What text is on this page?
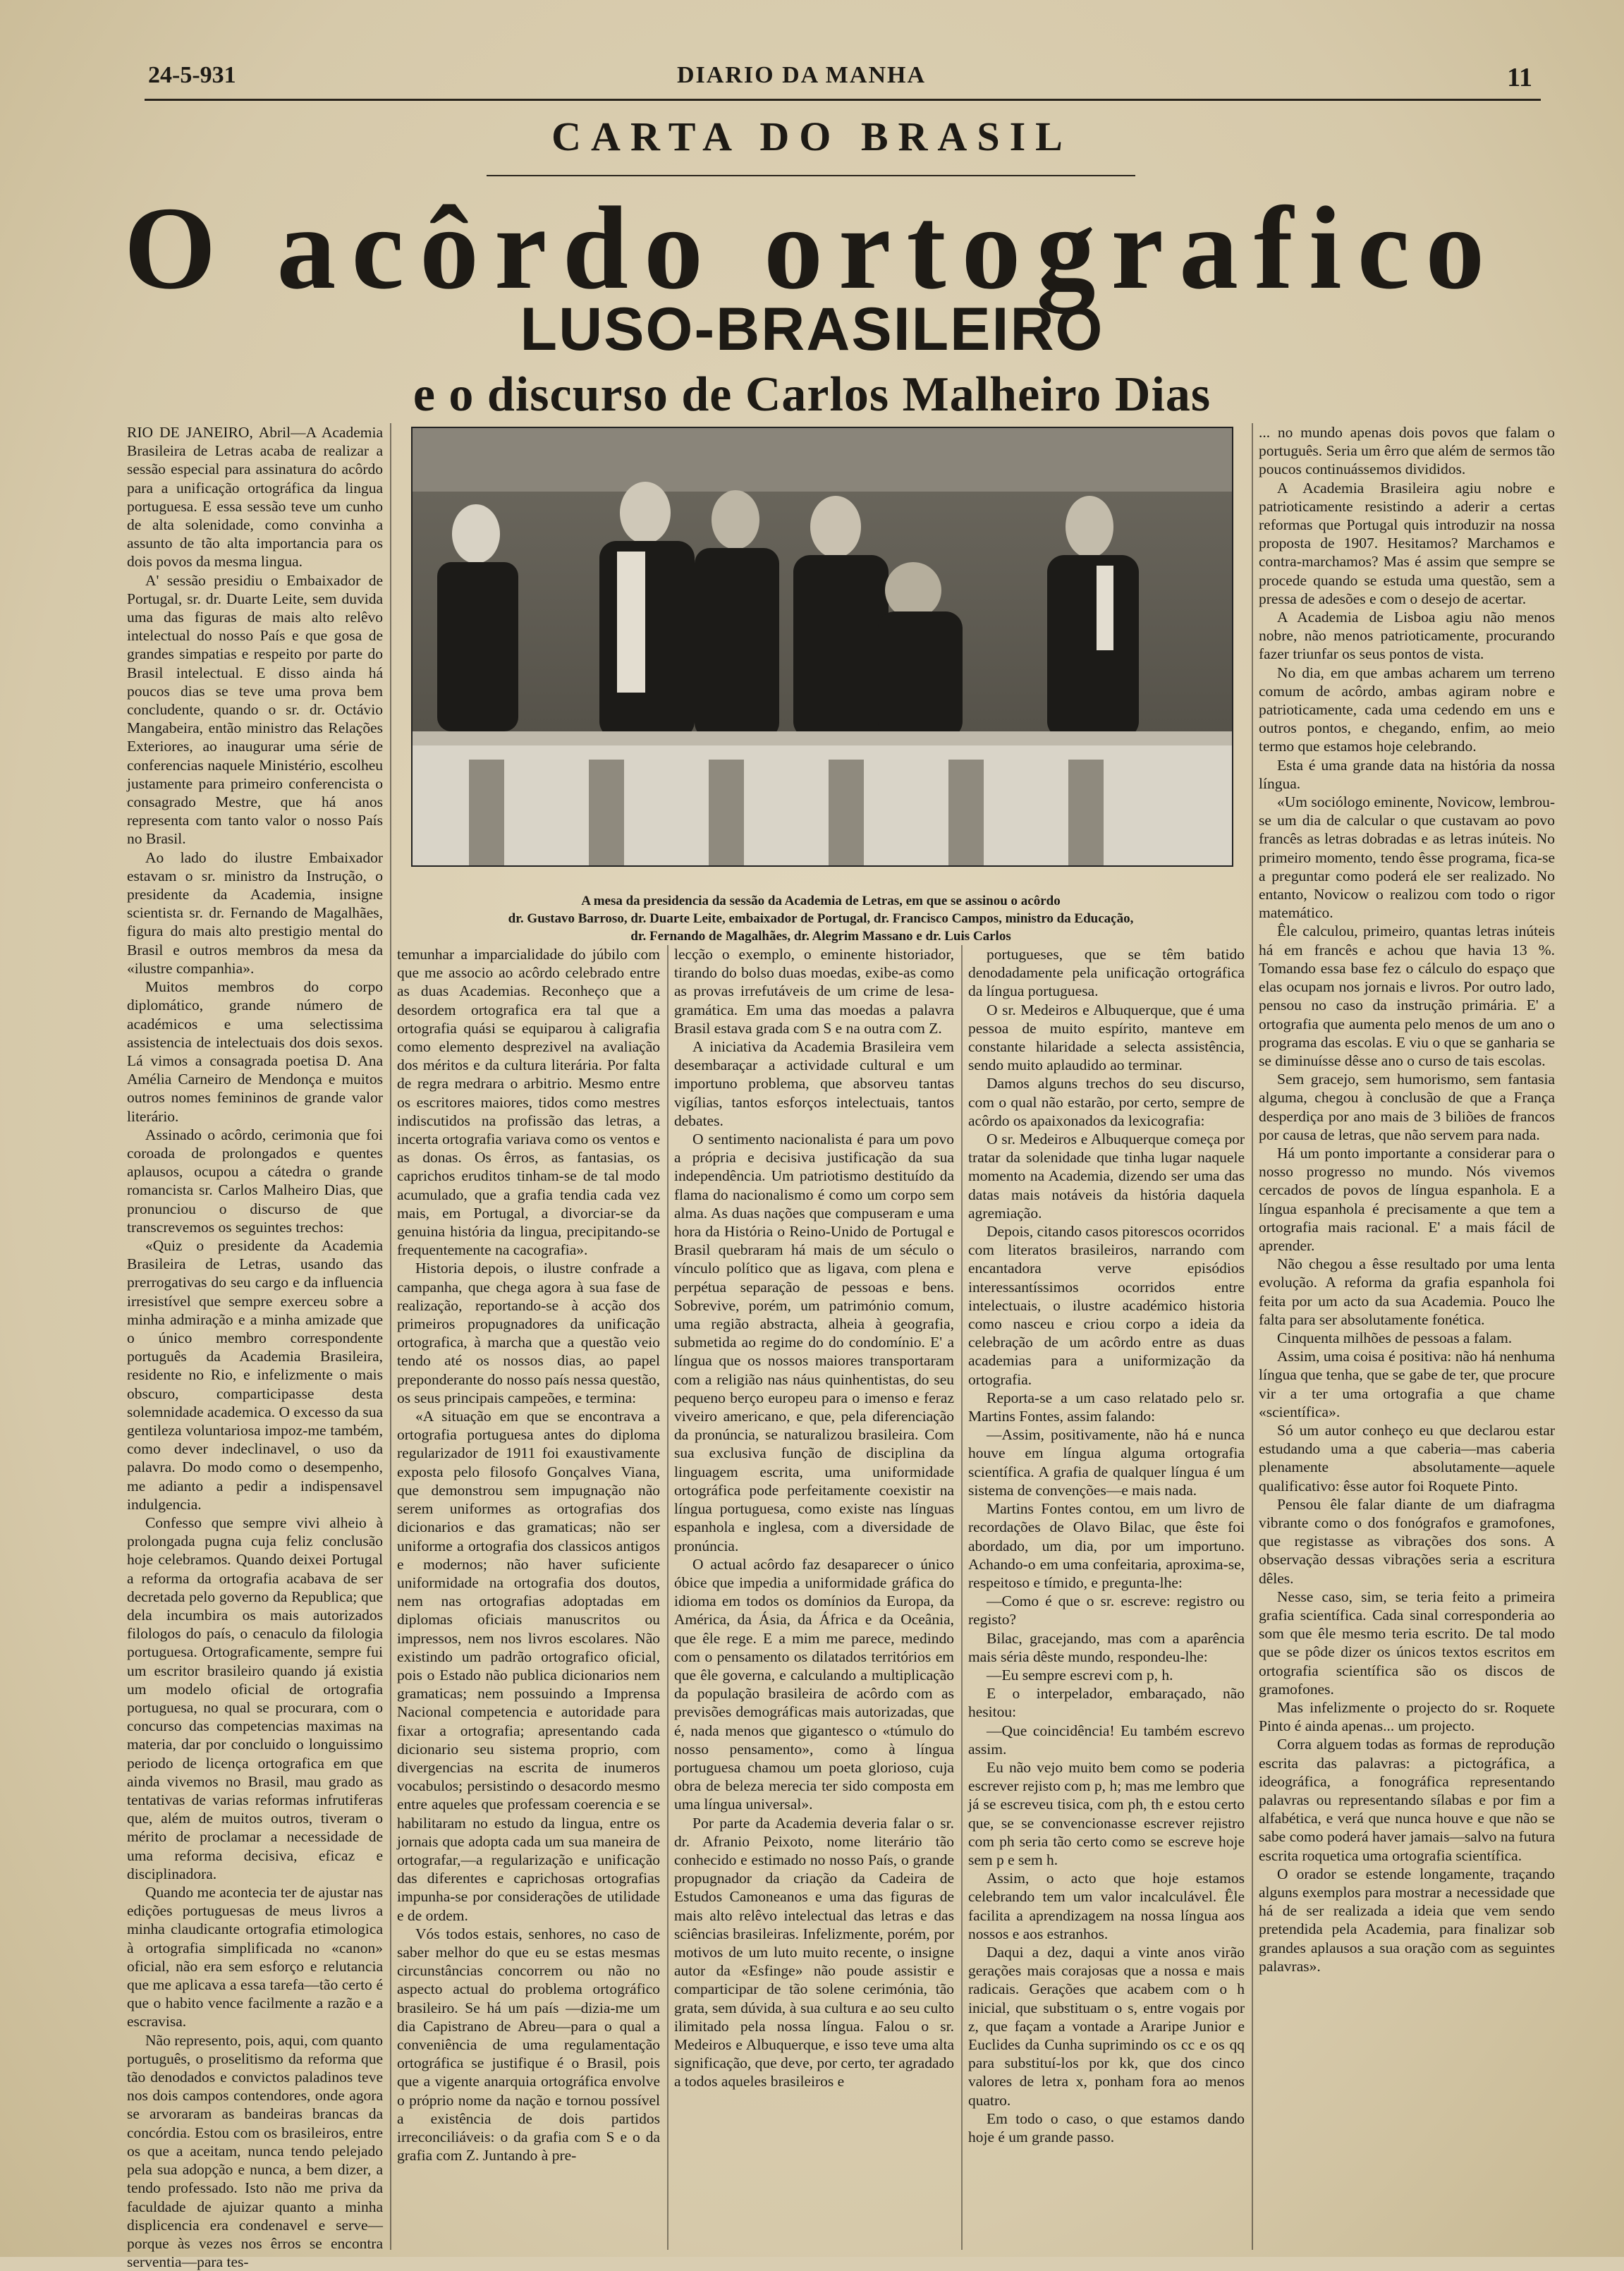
24-5-931	DIARIO DA MANHA	11
CARTA DO BRASIL
O acôrdo ortografico
LUSO-BRASILEIRO
e o discurso de Carlos Malheiro Dias
A mesa da presidencia da sessão da Academia de Letras, em que se assinou o acôrdo
dr. Gustavo Barroso, dr. Duarte Leite, embaixador de Portugal, dr. Francisco Campos, ministro da Educação,
dr. Fernando de Magalhães, dr. Alegrim Massano e dr. Luis Carlos

RIO DE JANEIRO, Abril—A Academia Brasileira de Letras acaba de realizar a sessão especial para assinatura do acôrdo para a unificação ortográfica da lingua portuguesa. E essa sessão teve um cunho de alta solenidade, como convinha a assunto de tão alta importancia para os dois povos da mesma lingua.

A' sessão presidiu o Embaixador de Portugal, sr. dr. Duarte Leite, sem duvida uma das figuras de mais alto relêvo intelectual do nosso País e que gosa de grandes simpatias e respeito por parte do Brasil intelectual. E disso ainda há poucos dias se teve uma prova bem concludente, quando o sr. dr. Octávio Mangabeira, então ministro das Relações Exteriores, ao inaugurar uma série de conferencias naquele Ministério, escolheu justamente para primeiro conferencista o consagrado Mestre, que há anos representa com tanto valor o nosso País no Brasil.

Ao lado do ilustre Embaixador estavam o sr. ministro da Instrução, o presidente da Academia, insigne scientista sr. dr. Fernando de Magalhães, figura do mais alto prestigio mental do Brasil e outros membros da mesa da «ilustre companhia».

Muitos membros do corpo diplomático, grande número de académicos e uma selectissima assistencia de intelectuais dos dois sexos. Lá vimos a consagrada poetisa D. Ana Amélia Carneiro de Mendonça e muitos outros nomes femininos de grande valor literário.

Assinado o acôrdo, cerimonia que foi coroada de prolongados e quentes aplausos, ocupou a cátedra o grande romancista sr. Carlos Malheiro Dias, que pronunciou o discurso de que transcrevemos os seguintes trechos:

«Quiz o presidente da Academia Brasileira de Letras, usando das prerrogativas do seu cargo e da influencia irresistível que sempre exerceu sobre a minha admiração e a minha amizade que o único membro correspondente português da Academia Brasileira, residente no Rio, e infelizmente o mais obscuro, comparticipasse desta solemnidade academica. O excesso da sua gentileza voluntariosa impoz-me também, como dever indeclinavel, o uso da palavra. Do modo como o desempenho, me adianto a pedir a indispensavel indulgencia.

Confesso que sempre vivi alheio à prolongada pugna cuja feliz conclusão hoje celebramos. Quando deixei Portugal a reforma da ortografia acabava de ser decretada pelo governo da Republica; que dela incumbira os mais autorizados filologos do país, o cenaculo da filologia portuguesa. Ortograficamente, sempre fui um escritor brasileiro quando já existia um modelo oficial de ortografia portuguesa, no qual se procurara, com o concurso das competencias maximas na materia, dar por concluido o longuissimo periodo de licença ortografica em que ainda vivemos no Brasil, mau grado as tentativas de varias reformas infrutiferas que, além de muitos outros, tiveram o mérito de proclamar a necessidade de uma reforma decisiva, eficaz e disciplinadora.

Quando me acontecia ter de ajustar nas edições portuguesas de meus livros a minha claudicante ortografia etimologica à ortografia simplificada no «canon» oficial, não era sem esforço e relutancia que me aplicava a essa tarefa—tão certo é que o habito vence facilmente a razão e a escravisa.

Não represento, pois, aqui, com quanto português, o proselitismo da reforma que tão denodados e convictos paladinos teve nos dois campos contendores, onde agora se arvoraram as bandeiras brancas da concórdia. Estou com os brasileiros, entre os que a aceitam, nunca tendo pelejado pela sua adopção e nunca, a bem dizer, a tendo professado. Isto não me priva da faculdade de ajuizar quanto a minha displicencia era condenavel e serve—porque às vezes nos êrros se encontra serventia—para tes-

temunhar a imparcialidade do júbilo com que me associo ao acôrdo celebrado entre as duas Academias. Reconheço que a desordem ortografica era tal que a ortografia quási se equiparou à caligrafia como elemento desprezivel na avaliação dos méritos e da cultura literária. Por falta de regra medrara o arbitrio. Mesmo entre os escritores maiores, tidos como mestres indiscutidos na profissão das letras, a incerta ortografia variava como os ventos e as donas. Os êrros, as fantasias, os caprichos eruditos tinham-se de tal modo acumulado, que a grafia tendia cada vez mais, em Portugal, a divorciar-se da genuina história da lingua, precipitando-se frequentemente na cacografia».

Historia depois, o ilustre confrade a campanha, que chega agora à sua fase de realização, reportando-se à acção dos primeiros propugnadores da unificação ortografica, à marcha que a questão veio tendo até os nossos dias, ao papel preponderante do nosso país nessa questão, os seus principais campeões, e termina:

«A situação em que se encontrava a ortografia portuguesa antes do diploma regularizador de 1911 foi exaustivamente exposta pelo filosofo Gonçalves Viana, que demonstrou sem impugnação não serem uniformes as ortografias dos dicionarios e das gramaticas; não ser uniforme a ortografia dos classicos antigos e modernos; não haver suficiente uniformidade na ortografia dos doutos, nem nas ortografias adoptadas em diplomas oficiais manuscritos ou impressos, nem nos livros escolares. Não existindo um padrão ortografico oficial, pois o Estado não publica dicionarios nem gramaticas; nem possuindo a Imprensa Nacional competencia e autoridade para fixar a ortografia; apresentando cada dicionario seu sistema proprio, com divergencias na escrita de inumeros vocabulos; persistindo o desacordo mesmo entre aqueles que professam coerencia e se habilitaram no estudo da lingua, entre os jornais que adopta cada um sua maneira de ortografar,—a regularização e unificação das diferentes e caprichosas ortografias impunha-se por considerações de utilidade e de ordem.

Vós todos estais, senhores, no caso de saber melhor do que eu se estas mesmas circunstâncias concorrem ou não no aspecto actual do problema ortográfico brasileiro. Se há um país —dizia-me um dia Capistrano de Abreu—para o qual a conveniência de uma regulamentação ortográfica se justifique é o Brasil, pois que a vigente anarquia ortográfica envolve o próprio nome da nação e tornou possível a existência de dois partidos irreconciliáveis: o da grafia com S e o da grafia com Z. Juntando à pre-

lecção o exemplo, o eminente historiador, tirando do bolso duas moedas, exibe-as como as provas irrefutáveis de um crime de lesa-gramática. Em uma das moedas a palavra Brasil estava grada com S e na outra com Z.

A iniciativa da Academia Brasileira vem desembaraçar a actividade cultural e um importuno problema, que absorveu tantas vigílias, tantos esforços intelectuais, tantos debates.

O sentimento nacionalista é para um povo a própria e decisiva justificação da sua independência. Um patriotismo destituído da flama do nacionalismo é como um corpo sem alma. As duas nações que compuseram e uma hora da História o Reino-Unido de Portugal e Brasil quebraram há mais de um século o vínculo político que as ligava, com plena e perpétua separação de pessoas e bens. Sobrevive, porém, um património comum, uma região abstracta, alheia à geografia, submetida ao regime do do condomínio. E' a língua que os nossos maiores transportaram com a religião nas náus quinhentistas, do seu pequeno berço europeu para o imenso e feraz viveiro americano, e que, pela diferenciação da pronúncia, se naturalizou brasileira. Com sua exclusiva função de disciplina da linguagem escrita, uma uniformidade ortográfica pode perfeitamente coexistir na língua portuguesa, como existe nas línguas espanhola e inglesa, com a diversidade de pronúncia.

O actual acôrdo faz desaparecer o único óbice que impedia a uniformidade gráfica do idioma em todos os domínios da Europa, da América, da Ásia, da África e da Oceânia, que êle rege. E a mim me parece, medindo com o pensamento os dilatados territórios em que êle governa, e calculando a multiplicação da população brasileira de acôrdo com as previsões demográficas mais autorizadas, que é, nada menos que gigantesco o «túmulo do nosso pensamento», como à língua portuguesa chamou um poeta glorioso, cuja obra de beleza merecia ter sido composta em uma língua universal».

Por parte da Academia deveria falar o sr. dr. Afranio Peixoto, nome literário tão conhecido e estimado no nosso País, o grande propugnador da criação da Cadeira de Estudos Camoneanos e uma das figuras de mais alto relêvo intelectual das letras e das sciências brasileiras. Infelizmente, porém, por motivos de um luto muito recente, o insigne autor da «Esfinge» não poude assistir e comparticipar de tão solene cerimónia, tão grata, sem dúvida, à sua cultura e ao seu culto ilimitado pela nossa língua. Falou o sr. Medeiros e Albuquerque, e isso teve uma alta significação, que deve, por certo, ter agradado a todos aqueles brasileiros e

portugueses, que se têm batido denodadamente pela unificação ortográfica da língua portuguesa.

O sr. Medeiros e Albuquerque, que é uma pessoa de muito espírito, manteve em constante hilaridade a selecta assistência, sendo muito aplaudido ao terminar.

Damos alguns trechos do seu discurso, com o qual não estarão, por certo, sempre de acôrdo os apaixonados da lexicografia:

O sr. Medeiros e Albuquerque começa por tratar da solenidade que tinha lugar naquele momento na Academia, dizendo ser uma das datas mais notáveis da história daquela agremiação.

Depois, citando casos pitorescos ocorridos com literatos brasileiros, narrando com encantadora verve episódios interessantíssimos ocorridos entre intelectuais, o ilustre académico historia como nasceu e criou corpo a ideia da celebração de um acôrdo entre as duas academias para a uniformização da ortografia.

Reporta-se a um caso relatado pelo sr. Martins Fontes, assim falando:

—Assim, positivamente, não há e nunca houve em língua alguma ortografia scientífica. A grafia de qualquer língua é um sistema de convenções—e mais nada.

Martins Fontes contou, em um livro de recordações de Olavo Bilac, que êste foi abordado, um dia, por um importuno. Achando-o em uma confeitaria, aproxima-se, respeitoso e tímido, e pregunta-lhe:

—Como é que o sr. escreve: registro ou registo?

Bilac, gracejando, mas com a aparência mais séria dêste mundo, respondeu-lhe:

—Eu sempre escrevi com p, h.

E o interpelador, embaraçado, não hesitou:

—Que coincidência! Eu também escrevo assim.

Eu não vejo muito bem como se poderia escrever rejisto com p, h; mas me lembro que já se escreveu tisica, com ph, th e estou certo que, se se convencionasse escrever rejistro com ph seria tão certo como se escreve hoje sem p e sem h.

Assim, o acto que hoje estamos celebrando tem um valor incalculável. Êle facilita a aprendizagem na nossa língua aos nossos e aos estranhos.

Daqui a dez, daqui a vinte anos virão gerações mais corajosas que a nossa e mais radicais. Gerações que acabem com o h inicial, que substituam o s, entre vogais por z, que façam a vontade a Araripe Junior e Euclides da Cunha suprimindo os cc e os qq para substituí-los por kk, que dos cinco valores de letra x, ponham fora ao menos quatro.

Em todo o caso, o que estamos dando hoje é um grande passo.

... no mundo apenas dois povos que falam o português. Seria um êrro que além de sermos tão poucos continuássemos divididos.

A Academia Brasileira agiu nobre e patrioticamente resistindo a aderir a certas reformas que Portugal quis introduzir na nossa proposta de 1907. Hesitamos? Marchamos e contra-marchamos? Mas é assim que sempre se procede quando se estuda uma questão, sem a pressa de adesões e com o desejo de acertar.

A Academia de Lisboa agiu não menos nobre, não menos patrioticamente, procurando fazer triunfar os seus pontos de vista.

No dia, em que ambas acharem um terreno comum de acôrdo, ambas agiram nobre e patrioticamente, cada uma cedendo em uns e outros pontos, e chegando, enfim, ao meio termo que estamos hoje celebrando.

Esta é uma grande data na história da nossa língua.

«Um sociólogo eminente, Novicow, lembrou-se um dia de calcular o que custavam ao povo francês as letras dobradas e as letras inúteis. No primeiro momento, tendo êsse programa, fica-se a preguntar como poderá ele ser realizado. No entanto, Novicow o realizou com todo o rigor matemático.

Êle calculou, primeiro, quantas letras inúteis há em francês e achou que havia 13 %. Tomando essa base fez o cálculo do espaço que elas ocupam nos jornais e livros. Por outro lado, pensou no caso da instrução primária. E' a ortografia que aumenta pelo menos de um ano o programa das escolas. E viu o que se ganharia se se diminuísse dêsse ano o curso de tais escolas.

Sem gracejo, sem humorismo, sem fantasia alguma, chegou à conclusão de que a França desperdiça por ano mais de 3 biliões de francos por causa de letras, que não servem para nada.

Há um ponto importante a considerar para o nosso progresso no mundo. Nós vivemos cercados de povos de língua espanhola. E a língua espanhola é precisamente a que tem a ortografia mais racional. E' a mais fácil de aprender.

Não chegou a êsse resultado por uma lenta evolução. A reforma da grafia espanhola foi feita por um acto da sua Academia. Pouco lhe falta para ser absolutamente fonética.

Cinquenta milhões de pessoas a falam.

Assim, uma coisa é positiva: não há nenhuma língua que tenha, que se gabe de ter, que procure vir a ter uma ortografia a que chame «scientífica».

Só um autor conheço eu que declarou estar estudando uma a que caberia—mas caberia plenamente absolutamente—aquele qualificativo: êsse autor foi Roquete Pinto.

Pensou êle falar diante de um diafragma vibrante como o dos fonógrafos e gramofones, que registasse as vibrações dos sons. A observação dessas vibrações seria a escritura dêles.

Nesse caso, sim, se teria feito a primeira grafia scientífica. Cada sinal corresponderia ao som que êle mesmo teria escrito. De tal modo que se pôde dizer os únicos textos escritos em ortografia scientífica são os discos de gramofones.

Mas infelizmente o projecto do sr. Roquete Pinto é ainda apenas... um projecto.

Corra alguem todas as formas de reprodução escrita das palavras: a pictográfica, a ideográfica, a fonográfica representando palavras ou representando sílabas e por fim a alfabética, e verá que nunca houve e que não se sabe como poderá haver jamais—salvo na futura escrita roquetica uma ortografia scientífica.

O orador se estende longamente, traçando alguns exemplos para mostrar a necessidade que há de ser realizada a ideia que vem sendo pretendida pela Academia, para finalizar sob grandes aplausos a sua oração com as seguintes palavras».
